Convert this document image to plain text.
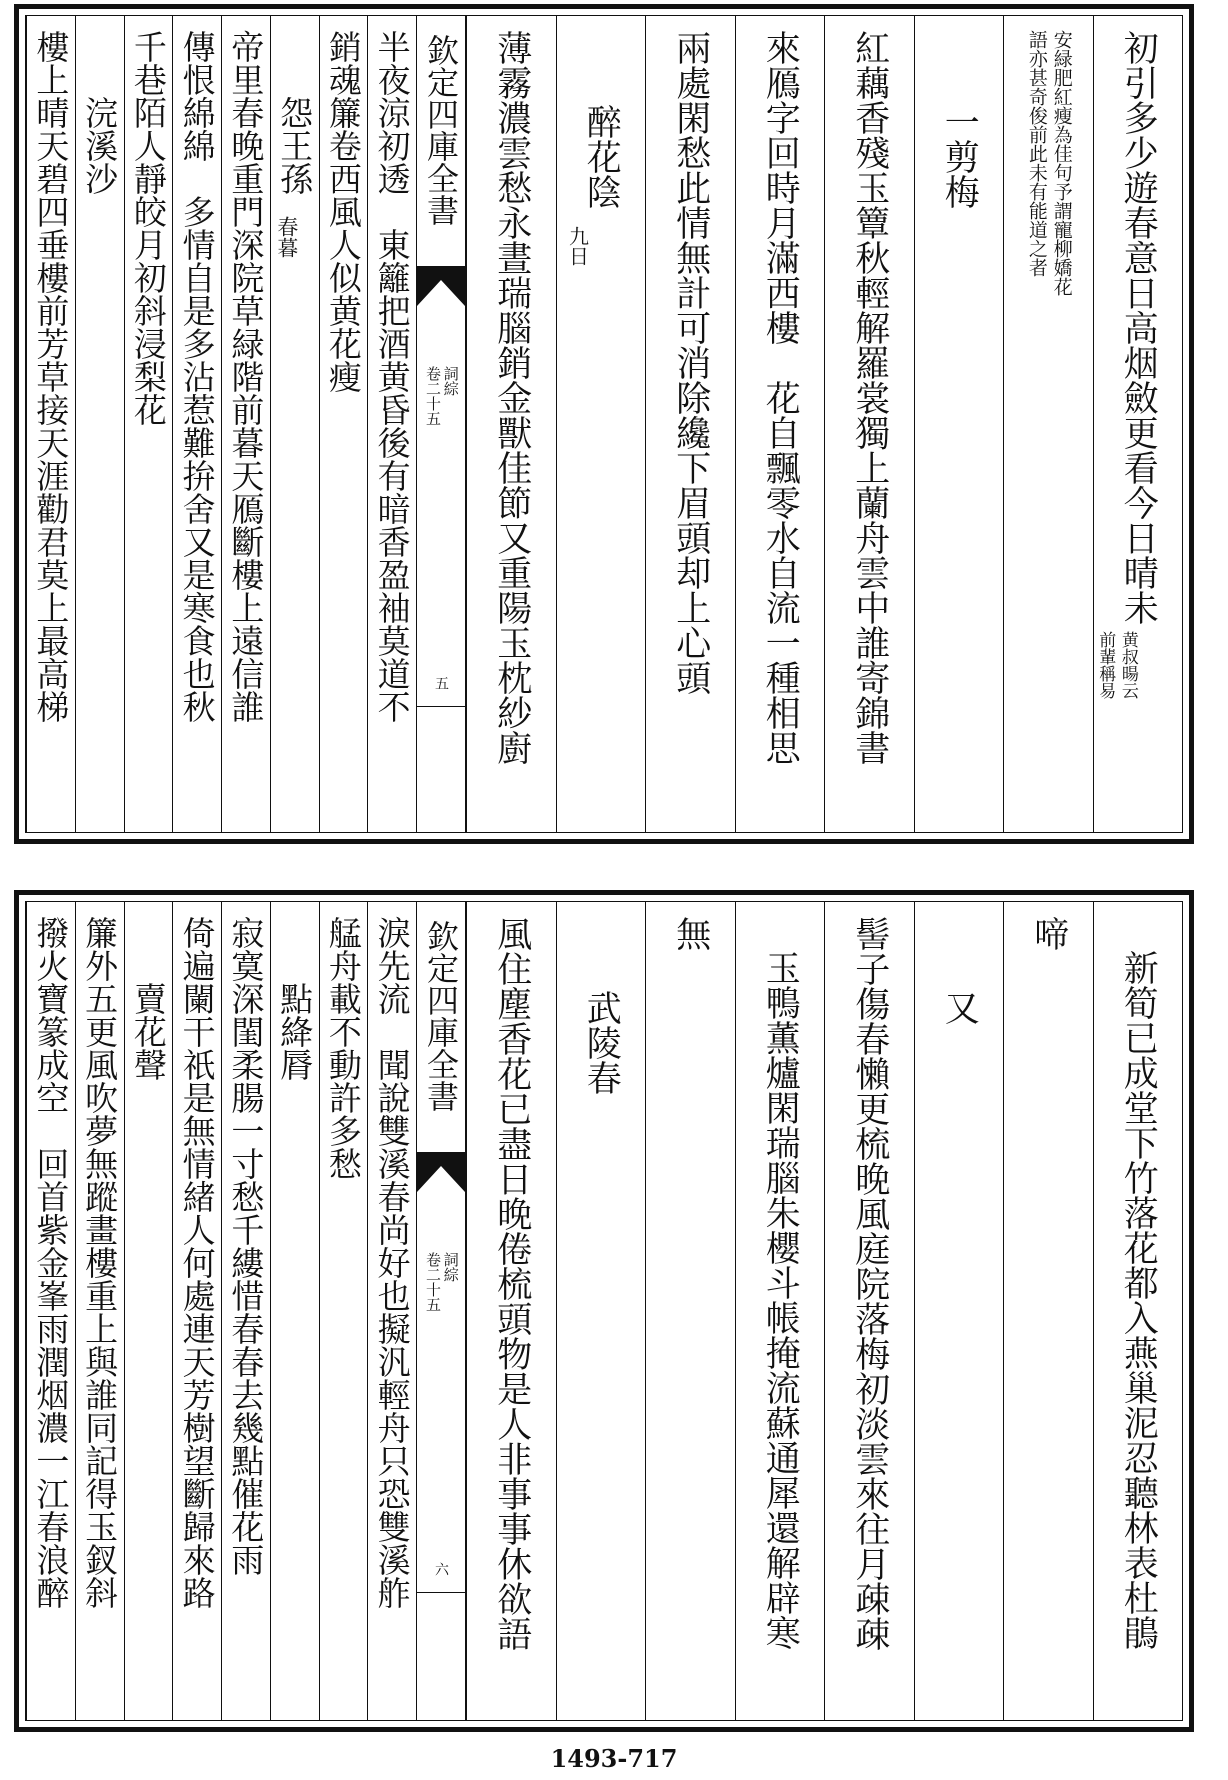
初引多少遊春意日高烟斂更看今日晴未
黄叔暘云
前輩稱易
安緑肥紅瘦為佳句予謂寵柳嬌花
語亦甚奇俊前此未有能道之者
一剪梅
紅藕香殘玉簟秋輕解羅裳獨上蘭舟雲中誰寄錦書
來鴈字回時月滿西樓　花自飄零水自流一種相思
兩處閑愁此情無計可消除纔下眉頭却上心頭
醉花陰
九日
薄霧濃雲愁永晝瑞腦銷金獸佳節又重陽玉枕紗廚
欽定四庫全書
詞綜
卷二十五
五
半夜涼初透　東籬把酒黄昏後有暗香盈袖莫道不
銷魂簾卷西風人似黄花瘦
怨王孫
春暮
帝里春晚重門深院草緑階前暮天鴈斷樓上遠信誰
傳恨綿綿　多情自是多沾惹難拚舍又是寒食也秋
千巷陌人靜皎月初斜浸梨花
浣溪沙
樓上晴天碧四垂樓前芳草接天涯勸君莫上最高梯
新筍已成堂下竹落花都入燕巢泥忍聽林表杜鵑
啼
又
髻子傷春懶更梳晚風庭院落梅初淡雲來往月疎疎
玉鴨薫爐閑瑞腦朱櫻斗帳掩流蘇通犀還解辟寒
無
武陵春
風住塵香花已盡日晚倦梳頭物是人非事事休欲語
欽定四庫全書
詞綜
卷二十五
六
淚先流　聞說雙溪春尚好也擬汎輕舟只恐雙溪舴
艋舟載不動許多愁
點絳脣
寂寞深閨柔腸一寸愁千縷惜春春去幾點催花雨
倚遍闌干祇是無情緒人何處連天芳樹望斷歸來路
賣花聲
簾外五更風吹夢無蹤畫樓重上與誰同記得玉釵斜
撥火寶篆成空　回首紫金峯雨潤烟濃一江春浪醉
1493-717
